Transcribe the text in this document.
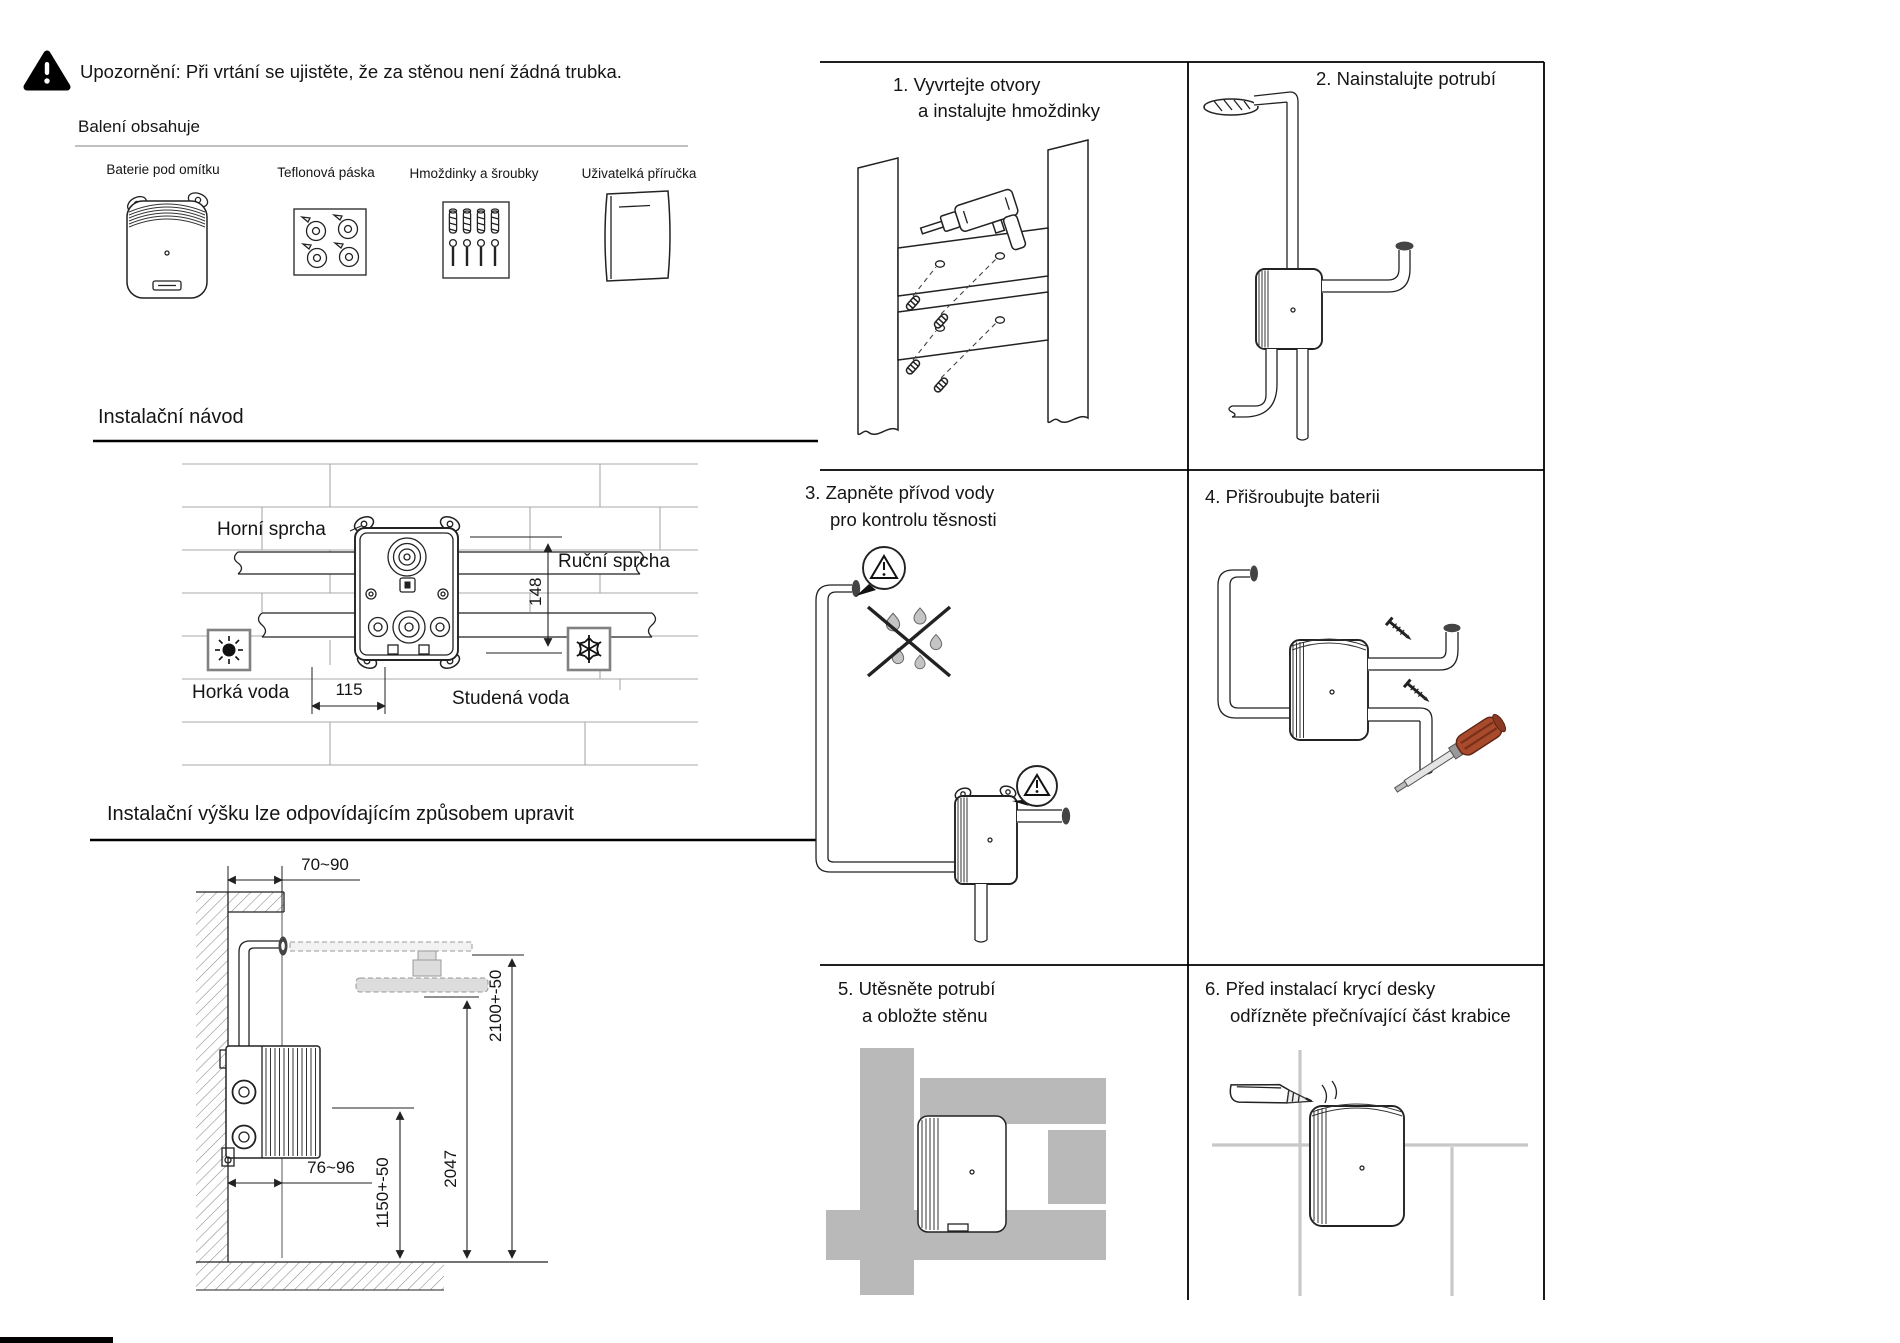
Upozornění: Při vrtání se ujistěte, že za stěnou není žádná trubka.
Balení obsahuje
Baterie pod omítku	Teflonová páska	Hmoždinky a šroubky	Uživatelká příručka
Instalační návod
Horní sprcha
Ruční sprcha
148
Horká voda	115	Studená voda
Instalační výšku lze odpovídajícím způsobem upravit
70~90
76~96	1150+-50	2047
2100+-50
1. Vyvrtejte otvory
a instalujte hmoždinky
2. Nainstalujte potrubí
3. Zapněte přívod vody
pro kontrolu těsnosti
4. Přišroubujte baterii
5. Utěsněte potrubí
a obložte stěnu
6. Před instalací krycí desky
odřízněte přečnívající část krabice
